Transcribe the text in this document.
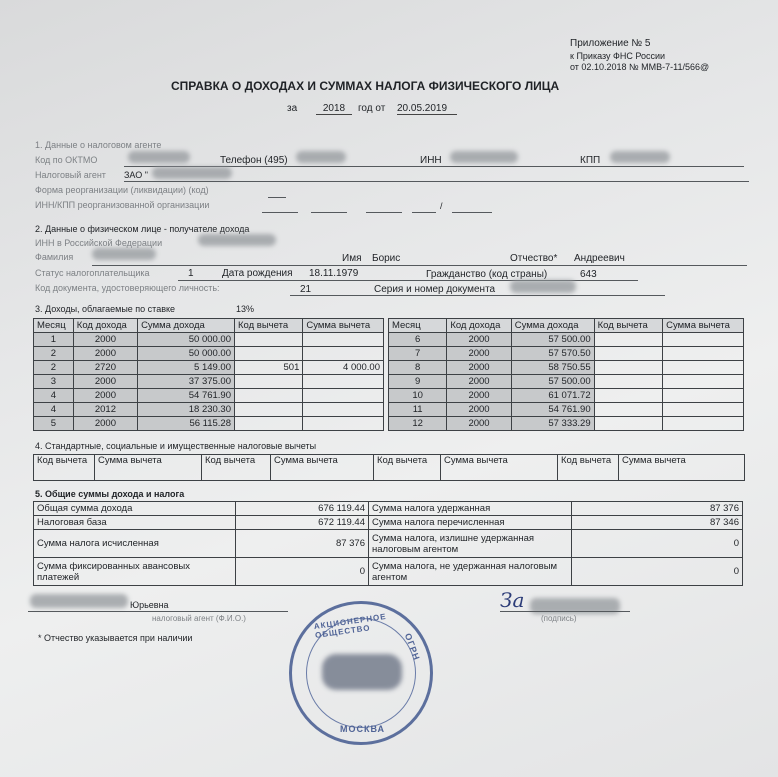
Приложение № 5
к Приказу ФНС России
от 02.10.2018 № ММВ-7-11/566@
СПРАВКА О ДОХОДАХ И СУММАХ НАЛОГА ФИЗИЧЕСКОГО ЛИЦА
за	2018	год от 20.05.2019
1. Данные о налоговом агенте
Код по ОКТМО	Телефон (495)	ИНН	КПП
Налоговый агент ЗАО "
Форма реорганизации (ликвидации) (код)
ИНН/КПП реорганизованной организации	/
2. Данные о физическом лице - получателе дохода
ИНН в Российской Федерации
Фамилия	Имя Борис	Отчество* Андреевич
Статус налогоплательщика	1	Дата рождения 18.11.1979	Гражданство (код страны)	643
Код документа, удостоверяющего личность:	21	Серия и номер документа
3. Доходы, облагаемые по ставке	13%
Месяц	Код дохода	Сумма дохода	Код вычета	Сумма вычета
1	2000	50 000.00		
2	2000	50 000.00		
2	2720	5 149.00	501	4 000.00
3	2000	37 375.00		
4	2000	54 761.90		
4	2012	18 230.30		
5	2000	56 115.28		
Месяц	Код дохода	Сумма дохода	Код вычета	Сумма вычета
6	2000	57 500.00		
7	2000	57 570.50		
8	2000	58 750.55		
9	2000	57 500.00		
10	2000	61 071.72		
11	2000	54 761.90		
12	2000	57 333.29		
4. Стандартные, социальные и имущественные налоговые вычеты
Код вычета	Сумма вычета	Код вычета	Сумма вычета	Код вычета	Сумма вычета	Код вычета	Сумма вычета
5. Общие суммы дохода и налога
Общая сумма дохода	676 119.44	Сумма налога удержанная	87 376
Налоговая база	672 119.44	Сумма налога перечисленная	87 346
Сумма налога исчисленная	87 376	Сумма налога, излишне удержанная налоговым агентом	0
Сумма фиксированных авансовых платежей	0	Сумма налога, не удержанная налоговым агентом	0
Юрьевна
налоговый агент (Ф.И.О.)
За
(подпись)
* Отчество указывается при наличии
АКЦИОНЕРНОЕ ОБЩЕСТВО
ОГРН
МОСКВА
